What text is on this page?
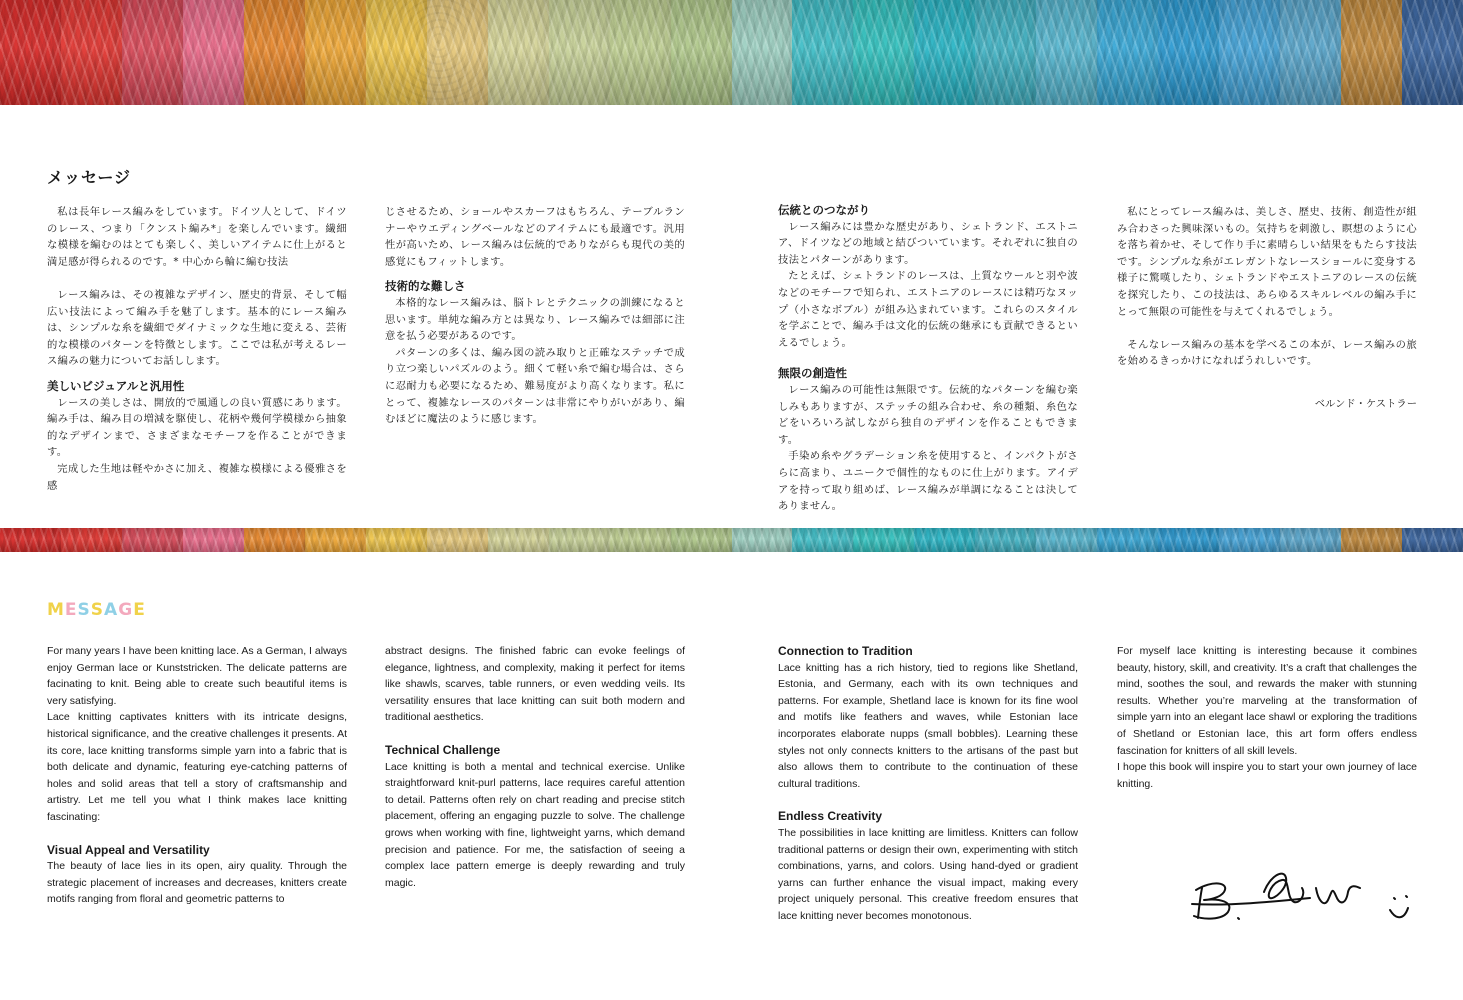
メッセージ

私は長年レース編みをしています。ドイツ人として、ドイツのレース、つまり「クンスト編み*」を楽しんでいます。繊細な模様を編むのはとても楽しく、美しいアイテムに仕上がると満足感が得られるのです。* 中心から輪に編む技法

レース編みは、その複雑なデザイン、歴史的背景、そして幅広い技法によって編み手を魅了します。基本的にレース編みは、シンプルな糸を繊細でダイナミックな生地に変える、芸術的な模様のパターンを特徴とします。ここでは私が考えるレース編みの魅力についてお話しします。

美しいビジュアルと汎用性

レースの美しさは、開放的で風通しの良い質感にあります。編み手は、編み目の増減を駆使し、花柄や幾何学模様から抽象的なデザインまで、さまざまなモチーフを作ることができます。

完成した生地は軽やかさに加え、複雑な模様による優雅さを感

じさせるため、ショールやスカーフはもちろん、テーブルランナーやウエディングベールなどのアイテムにも最適です。汎用性が高いため、レース編みは伝統的でありながらも現代の美的感覚にもフィットします。

技術的な難しさ

本格的なレース編みは、脳トレとテクニックの訓練になると思います。単純な編み方とは異なり、レース編みでは細部に注意を払う必要があるのです。

パターンの多くは、編み図の読み取りと正確なステッチで成り立つ楽しいパズルのよう。細くて軽い糸で編む場合は、さらに忍耐力も必要になるため、難易度がより高くなります。私にとって、複雑なレースのパターンは非常にやりがいがあり、編むほどに魔法のように感じます。

伝統とのつながり

レース編みには豊かな歴史があり、シェトランド、エストニア、ドイツなどの地域と結びついています。それぞれに独自の技法とパターンがあります。

たとえば、シェトランドのレースは、上質なウールと羽や波などのモチーフで知られ、エストニアのレースには精巧なヌップ（小さなボブル）が組み込まれています。これらのスタイルを学ぶことで、編み手は文化的伝統の継承にも貢献できるといえるでしょう。

無限の創造性

レース編みの可能性は無限です。伝統的なパターンを編む楽しみもありますが、ステッチの組み合わせ、糸の種類、糸色などをいろいろ試しながら独自のデザインを作ることもできます。

手染め糸やグラデーション糸を使用すると、インパクトがさらに高まり、ユニークで個性的なものに仕上がります。アイデアを持って取り組めば、レース編みが単調になることは決してありません。

私にとってレース編みは、美しさ、歴史、技術、創造性が組み合わさった興味深いもの。気持ちを刺激し、瞑想のように心を落ち着かせ、そして作り手に素晴らしい結果をもたらす技法です。シンプルな糸がエレガントなレースショールに変身する様子に驚嘆したり、シェトランドやエストニアのレースの伝統を探究したり、この技法は、あらゆるスキルレベルの編み手にとって無限の可能性を与えてくれるでしょう。

そんなレース編みの基本を学べるこの本が、レース編みの旅を始めるきっかけになればうれしいです。

ベルンド・ケストラー
MESSAGE

For many years I have been knitting lace. As a German, I always enjoy German lace or Kunststricken. The delicate patterns are facinating to knit. Being able to create such beautiful items is very satisfying.

Lace knitting captivates knitters with its intricate designs, historical significance, and the creative challenges it presents. At its core, lace knitting transforms simple yarn into a fabric that is both delicate and dynamic, featuring eye-catching patterns of holes and solid areas that tell a story of craftsmanship and artistry. Let me tell you what I think makes lace knitting fascinating:

Visual Appeal and Versatility

The beauty of lace lies in its open, airy quality. Through the strategic placement of increases and decreases, knitters create motifs ranging from floral and geometric patterns to

abstract designs. The finished fabric can evoke feelings of elegance, lightness, and complexity, making it perfect for items like shawls, scarves, table runners, or even wedding veils. Its versatility ensures that lace knitting can suit both modern and traditional aesthetics.

Technical Challenge

Lace knitting is both a mental and technical exercise. Unlike straightforward knit-purl patterns, lace requires careful attention to detail. Patterns often rely on chart reading and precise stitch placement, offering an engaging puzzle to solve. The challenge grows when working with fine, lightweight yarns, which demand precision and patience. For me, the satisfaction of seeing a complex lace pattern emerge is deeply rewarding and truly magic.

Connection to Tradition

Lace knitting has a rich history, tied to regions like Shetland, Estonia, and Germany, each with its own techniques and patterns. For example, Shetland lace is known for its fine wool and motifs like feathers and waves, while Estonian lace incorporates elaborate nupps (small bobbles). Learning these styles not only connects knitters to the artisans of the past but also allows them to contribute to the continuation of these cultural traditions.

Endless Creativity

The possibilities in lace knitting are limitless. Knitters can follow traditional patterns or design their own, experimenting with stitch combinations, yarns, and colors. Using hand-dyed or gradient yarns can further enhance the visual impact, making every project uniquely personal. This creative freedom ensures that lace knitting never becomes monotonous.

For myself lace knitting is interesting because it combines beauty, history, skill, and creativity. It’s a craft that challenges the mind, soothes the soul, and rewards the maker with stunning results. Whether you’re marveling at the transformation of simple yarn into an elegant lace shawl or exploring the traditions of Shetland or Estonian lace, this art form offers endless fascination for knitters of all skill levels.

I hope this book will inspire you to start your own journey of lace knitting.
